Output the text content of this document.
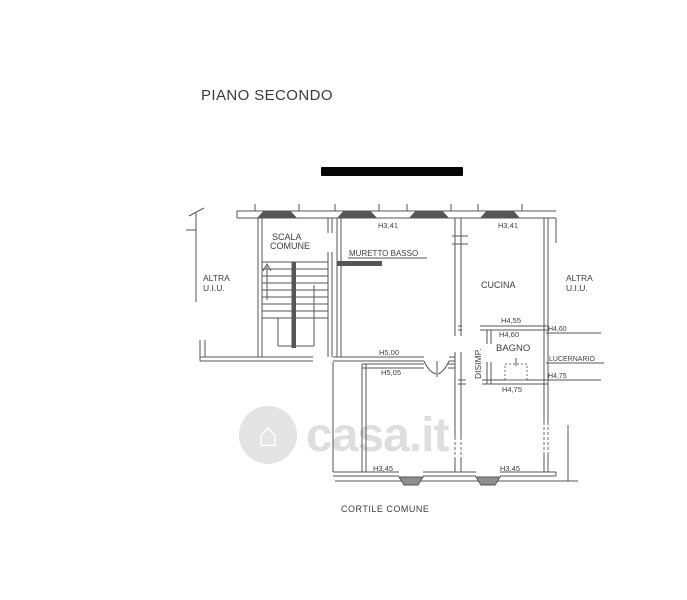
PIANO SECONDO
⌂ casa.it
SCALA
COMUNE
ALTRA
U.I.U.
ALTRA
U.I.U.
H3,41
MURETTO BASSO
H5,00
H3,41
CUCINA
H4,55
H4,60
BAGNO
DISIMP.
H4,60
LUCERNARIO
H4,75
H5,05
H3,45
H4,75
H3,45
CORTILE COMUNE
